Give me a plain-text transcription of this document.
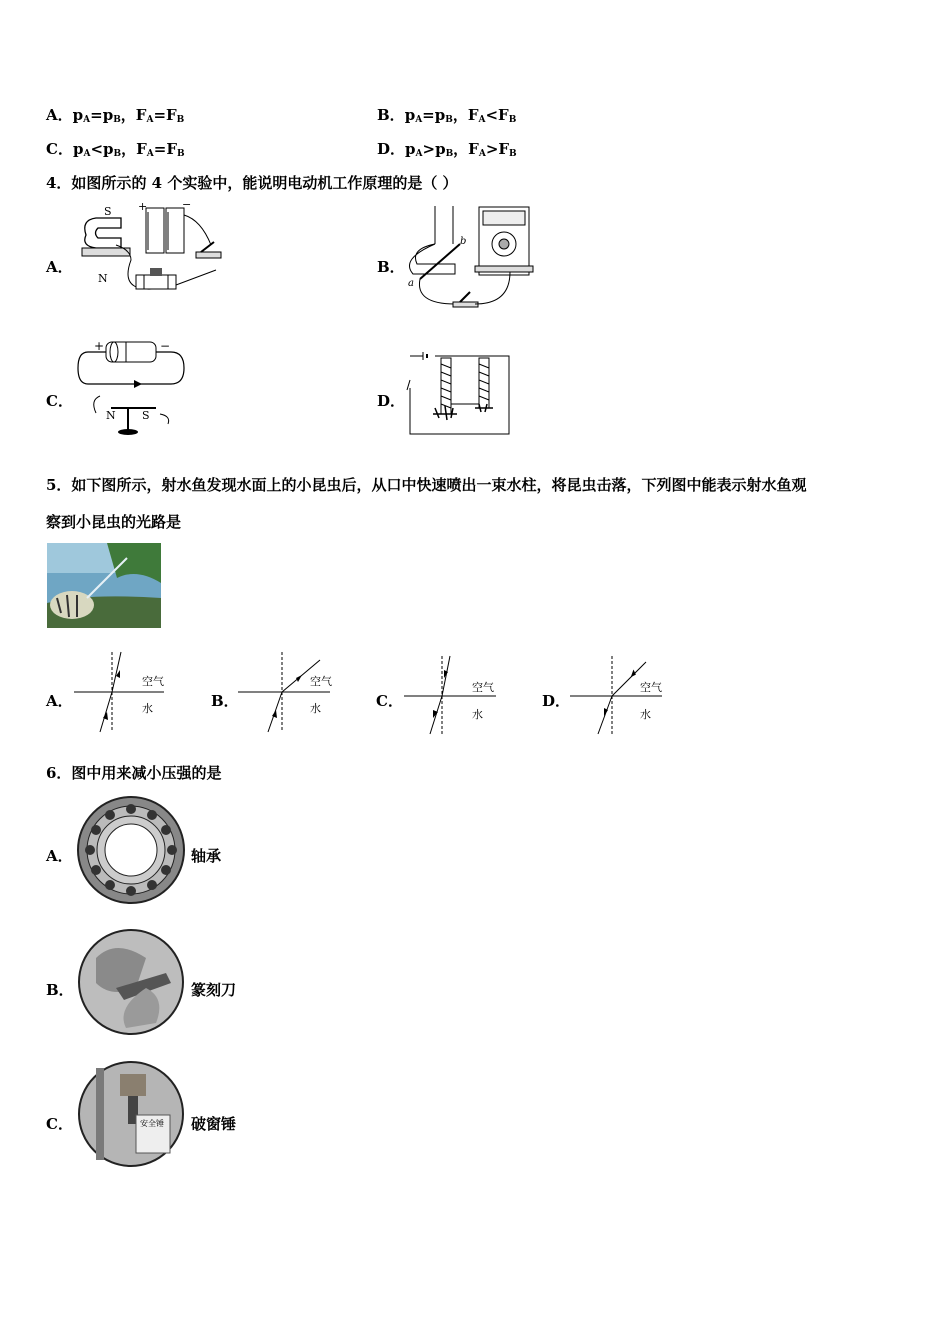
A．$p_A=p_B$，$F_A=F_B$	B．$p_A=p_B$，$F_A<F_B$
C．$p_A<p_B$，$F_A=F_B$	D．$p_A>p_B$，$F_A>F_B$
4．如图所示的 4 个实验中，能说明电动机工作原理的是（ ）
A．
S
N
+	−
B．
a
b
C．
+	−
N S
D．
5．如下图所示，射水鱼发现水面上的小昆虫后，从口中快速喷出一束水柱，将昆虫击落，下列图中能表示射水鱼观
察到小昆虫的光路是
A．
空气
水	B．
空气
水	C．
空气
水
D．
空气
水
6．图中用来减小压强的是
A．	轴承
B．	篆刻刀
C．	安全锤 破窗锤
